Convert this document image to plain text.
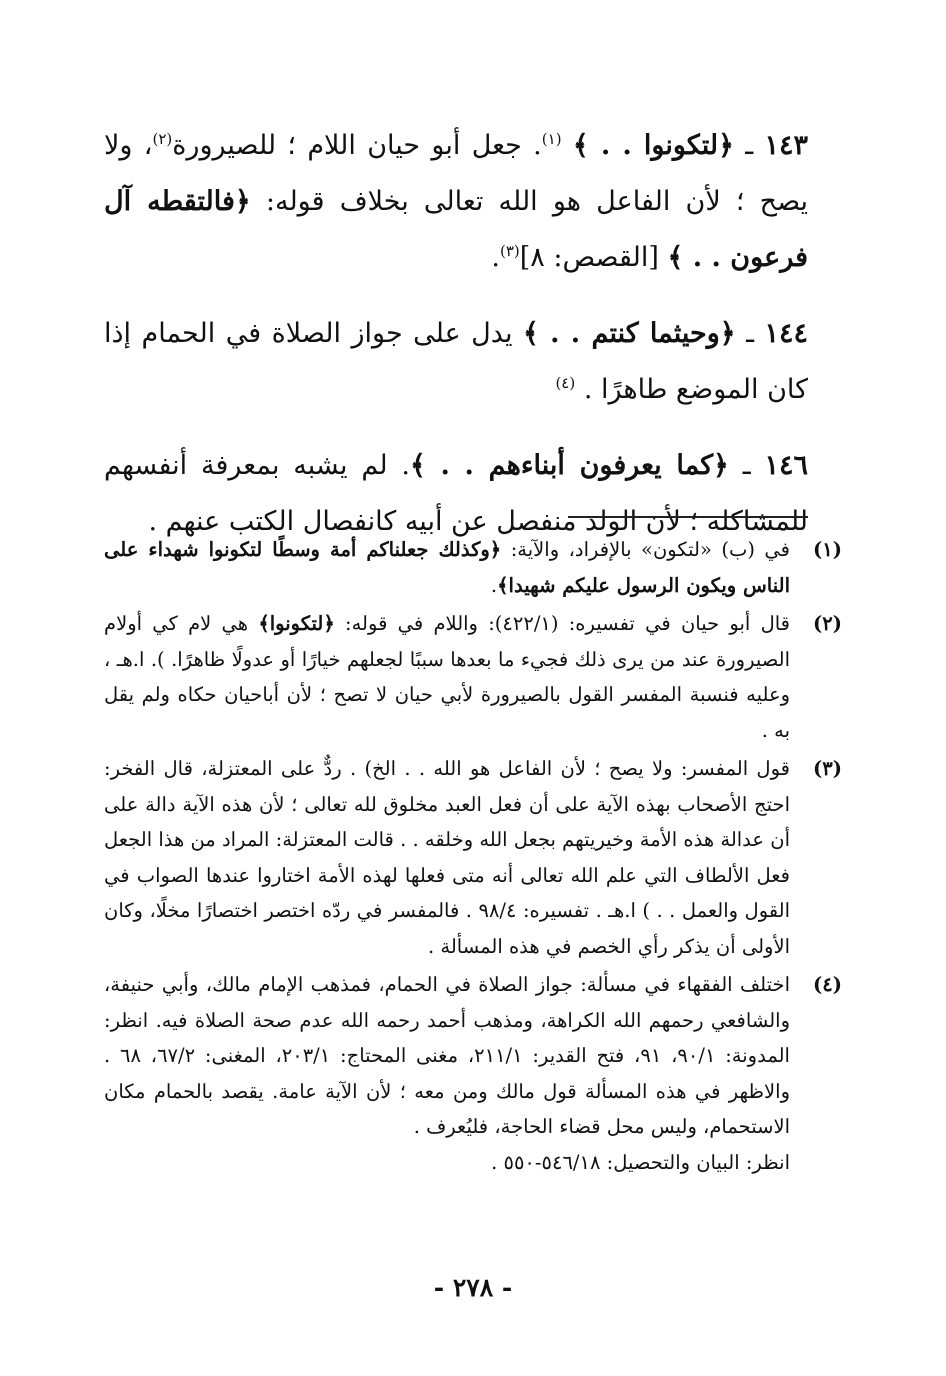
١٤٣ ـ ﴿لتكونوا . . ﴾ $^{(١)}$. جعل أبو حيان اللام ؛ للصيرورة$^{(٢)}$، ولا يصح ؛ لأن الفاعل هو الله تعالى بخلاف قوله: ﴿فالتقطه آل فرعون . . ﴾ [القصص: ٨]$^{(٣)}$.

١٤٤ ـ ﴿وحيثما كنتم . . ﴾ يدل على جواز الصلاة في الحمام إذا كان الموضع طاهرًا . $^{(٤)}$

١٤٦ ـ ﴿كما يعرفون أبناءهم . . ﴾. لم يشبه بمعرفة أنفسهم للمشاكلة ؛ لأن الولد منفصل عن أبيه كانفصال الكتب عنهم .

(١)

في (ب) «لتكون» بالإفراد، والآية: ﴿وكذلك جعلناكم أمة وسطًا لتكونوا شهداء على الناس ويكون الرسول عليكم شهيدا﴾.

(٢)

قال أبو حيان في تفسيره: (٤٢٢/١): واللام في قوله: ﴿لتكونوا﴾ هي لام كي أولام الصيرورة عند من يرى ذلك فجيء ما بعدها سببًا لجعلهم خيارًا أو عدولًا ظاهرًا. ). ا.هـ ، وعليه فنسبة المفسر القول بالصيرورة لأبي حيان لا تصح ؛ لأن أباحيان حكاه ولم يقل به .

(٣)

قول المفسر: ولا يصح ؛ لأن الفاعل هو الله . . الخ) . ردٌّ على المعتزلة، قال الفخر: احتج الأصحاب بهذه الآية على أن فعل العبد مخلوق لله تعالى ؛ لأن هذه الآية دالة على أن عدالة هذه الأمة وخيريتهم بجعل الله وخلقه . . قالت المعتزلة: المراد من هذا الجعل فعل الألطاف التي علم الله تعالى أنه متى فعلها لهذه الأمة اختاروا عندها الصواب في القول والعمل . . ) ا.هـ . تفسيره: ٩٨/٤ . فالمفسر في ردّه اختصر اختصارًا مخلًا، وكان الأولى أن يذكر رأي الخصم في هذه المسألة .

(٤)

اختلف الفقهاء في مسألة: جواز الصلاة في الحمام، فمذهب الإمام مالك، وأبي حنيفة، والشافعي رحمهم الله الكراهة، ومذهب أحمد رحمه الله عدم صحة الصلاة فيه. انظر: المدونة: ٩٠/١، ٩١، فتح القدير: ٢١١/١، مغنى المحتاج: ٢٠٣/١، المغنى: ٦٧/٢، ٦٨ . والاظهر في هذه المسألة قول مالك ومن معه ؛ لأن الآية عامة. يقصد بالحمام مكان الاستحمام، وليس محل قضاء الحاجة، فليُعرف .

انظر: البيان والتحصيل: ٥٤٦/١٨-٥٥٠ .

- ٢٧٨ -
